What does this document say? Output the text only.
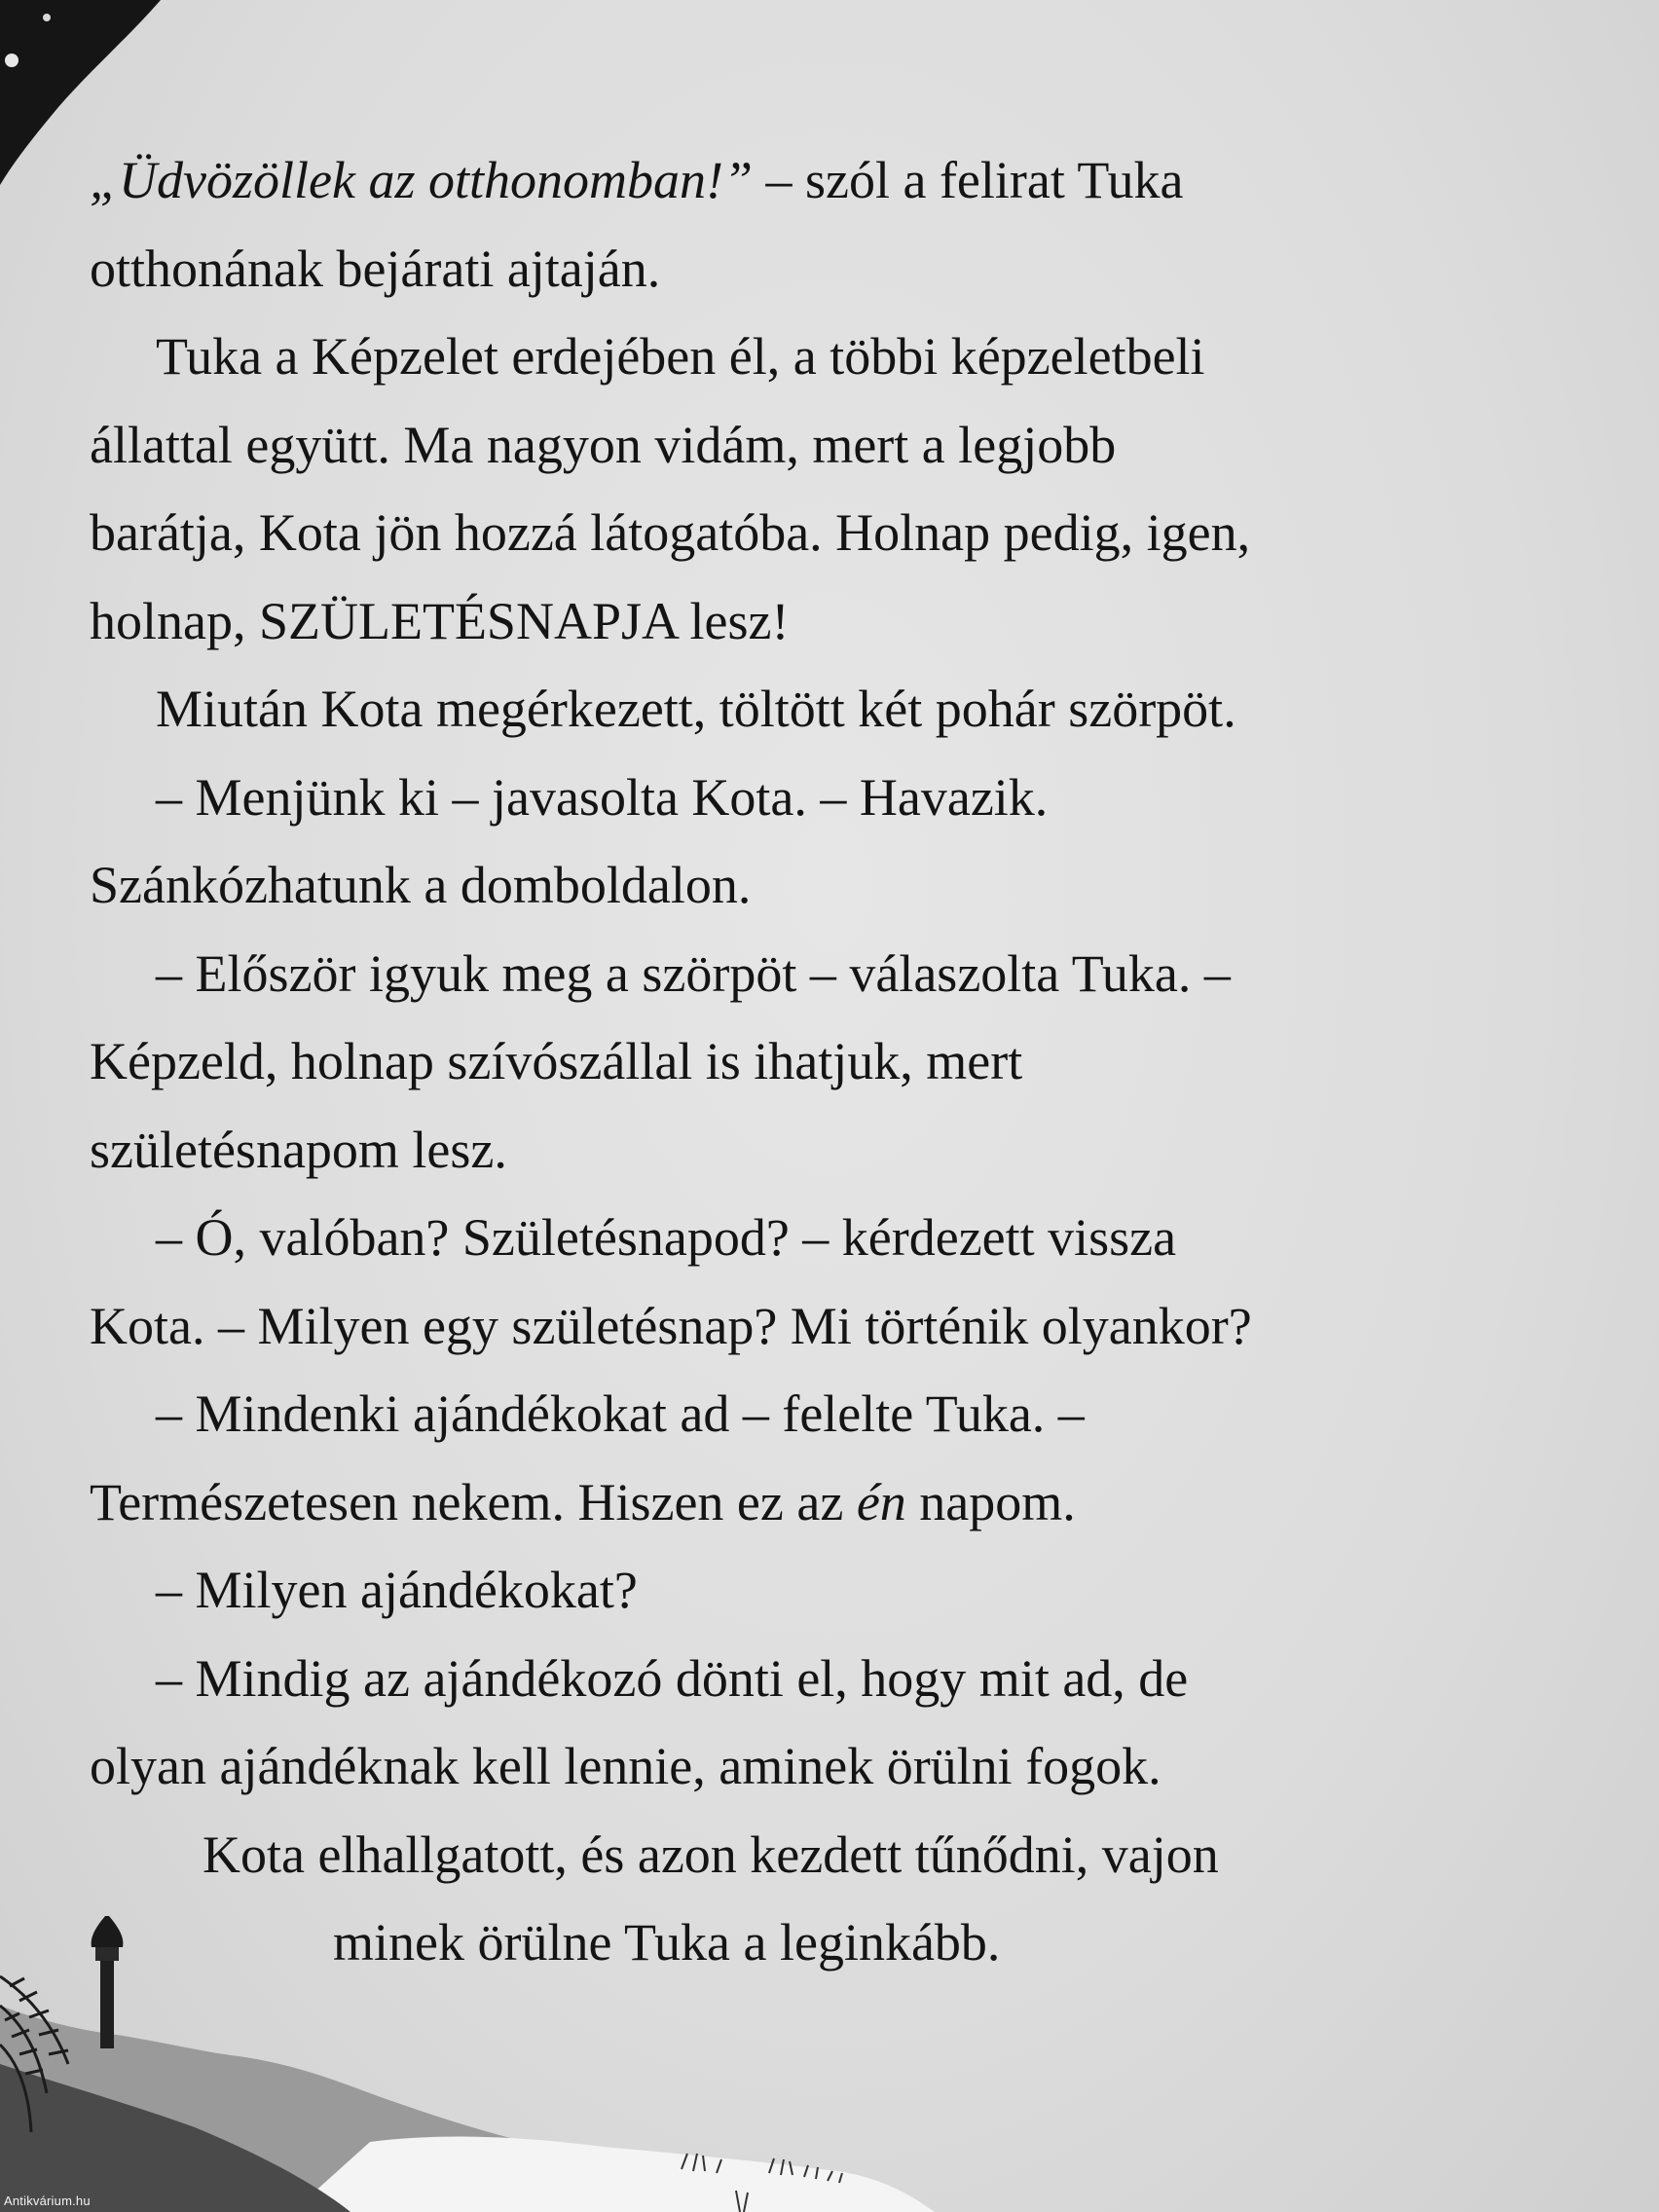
„Üdvözöllek az otthonomban!” – szól a felirat Tuka

otthonának bejárati ajtaján.

Tuka a Képzelet erdejében él, a többi képzeletbeli

állattal együtt. Ma nagyon vidám, mert a legjobb

barátja, Kota jön hozzá látogatóba. Holnap pedig, igen,

holnap, SZÜLETÉSNAPJA lesz!

Miután Kota megérkezett, töltött két pohár szörpöt.

– Menjünk ki – javasolta Kota. – Havazik.

Szánkózhatunk a domboldalon.

– Először igyuk meg a szörpöt – válaszolta Tuka. –

Képzeld, holnap szívószállal is ihatjuk, mert

születésnapom lesz.

– Ó, valóban? Születésnapod? – kérdezett vissza

Kota. – Milyen egy születésnap? Mi történik olyankor?

– Mindenki ajándékokat ad – felelte Tuka. –

Természetesen nekem. Hiszen ez az én napom.

– Milyen ajándékokat?

– Mindig az ajándékozó dönti el, hogy mit ad, de

olyan ajándéknak kell lennie, aminek örülni fogok.

Kota elhallgatott, és azon kezdett tűnődni, vajon

minek örülne Tuka a leginkább.

Antikvárium.hu
